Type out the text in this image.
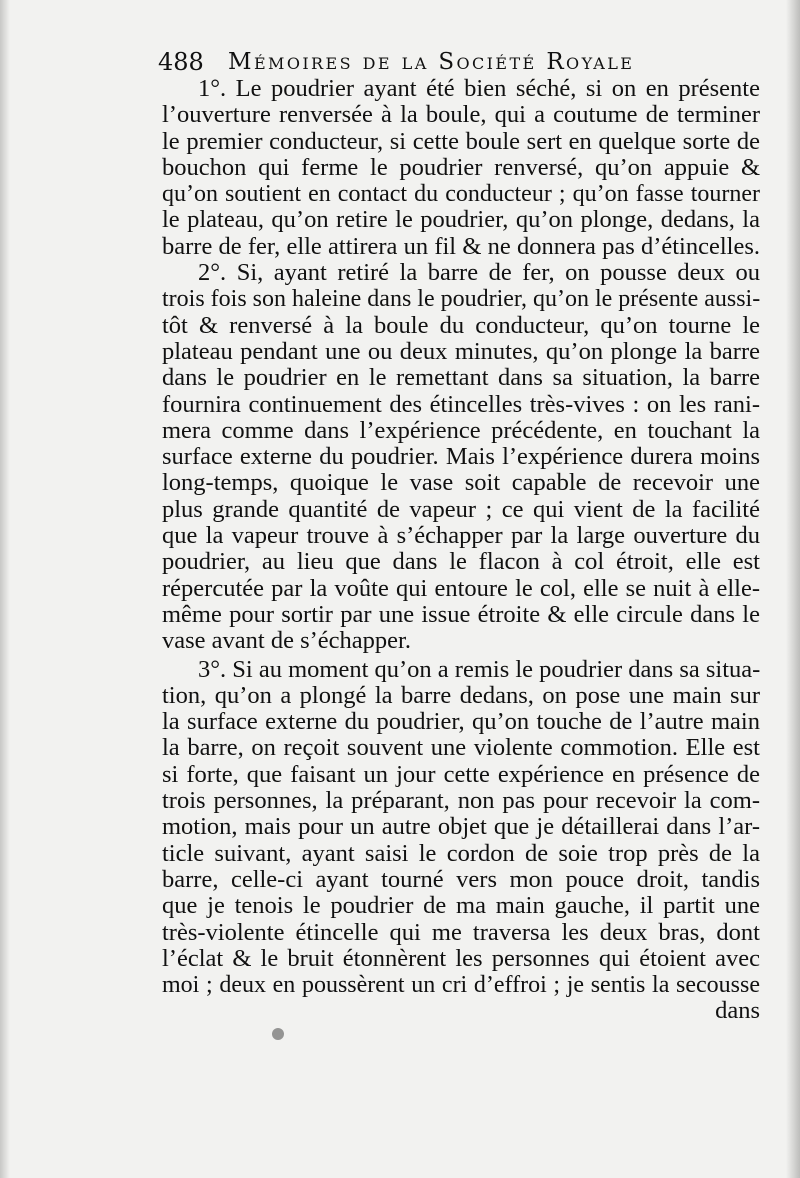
488 Mémoires de la Société Royale
1°. Le poudrier ayant été bien séché, si on en présente
l’ouverture renversée à la boule, qui a coutume de terminer
le premier conducteur, si cette boule sert en quelque sorte de
bouchon qui ferme le poudrier renversé, qu’on appuie &
qu’on soutient en contact du conducteur ; qu’on fasse tourner
le plateau, qu’on retire le poudrier, qu’on plonge, dedans, la
barre de fer, elle attirera un fil & ne donnera pas d’étincelles.
2°. Si, ayant retiré la barre de fer, on pousse deux ou
trois fois son haleine dans le poudrier, qu’on le présente aussi-
tôt & renversé à la boule du conducteur, qu’on tourne le
plateau pendant une ou deux minutes, qu’on plonge la barre
dans le poudrier en le remettant dans sa situation, la barre
fournira continuement des étincelles très-vives : on les rani-
mera comme dans l’expérience précédente, en touchant la
surface externe du poudrier. Mais l’expérience durera moins
long-temps, quoique le vase soit capable de recevoir une
plus grande quantité de vapeur ; ce qui vient de la facilité
que la vapeur trouve à s’échapper par la large ouverture du
poudrier, au lieu que dans le flacon à col étroit, elle est
répercutée par la voûte qui entoure le col, elle se nuit à elle-
même pour sortir par une issue étroite & elle circule dans le
vase avant de s’échapper.
3°. Si au moment qu’on a remis le poudrier dans sa situa-
tion, qu’on a plongé la barre dedans, on pose une main sur
la surface externe du poudrier, qu’on touche de l’autre main
la barre, on reçoit souvent une violente commotion. Elle est
si forte, que faisant un jour cette expérience en présence de
trois personnes, la préparant, non pas pour recevoir la com-
motion, mais pour un autre objet que je détaillerai dans l’ar-
ticle suivant, ayant saisi le cordon de soie trop près de la
barre, celle-ci ayant tourné vers mon pouce droit, tandis
que je tenois le poudrier de ma main gauche, il partit une
très-violente étincelle qui me traversa les deux bras, dont
l’éclat & le bruit étonnèrent les personnes qui étoient avec
moi ; deux en poussèrent un cri d’effroi ; je sentis la secousse
dans
